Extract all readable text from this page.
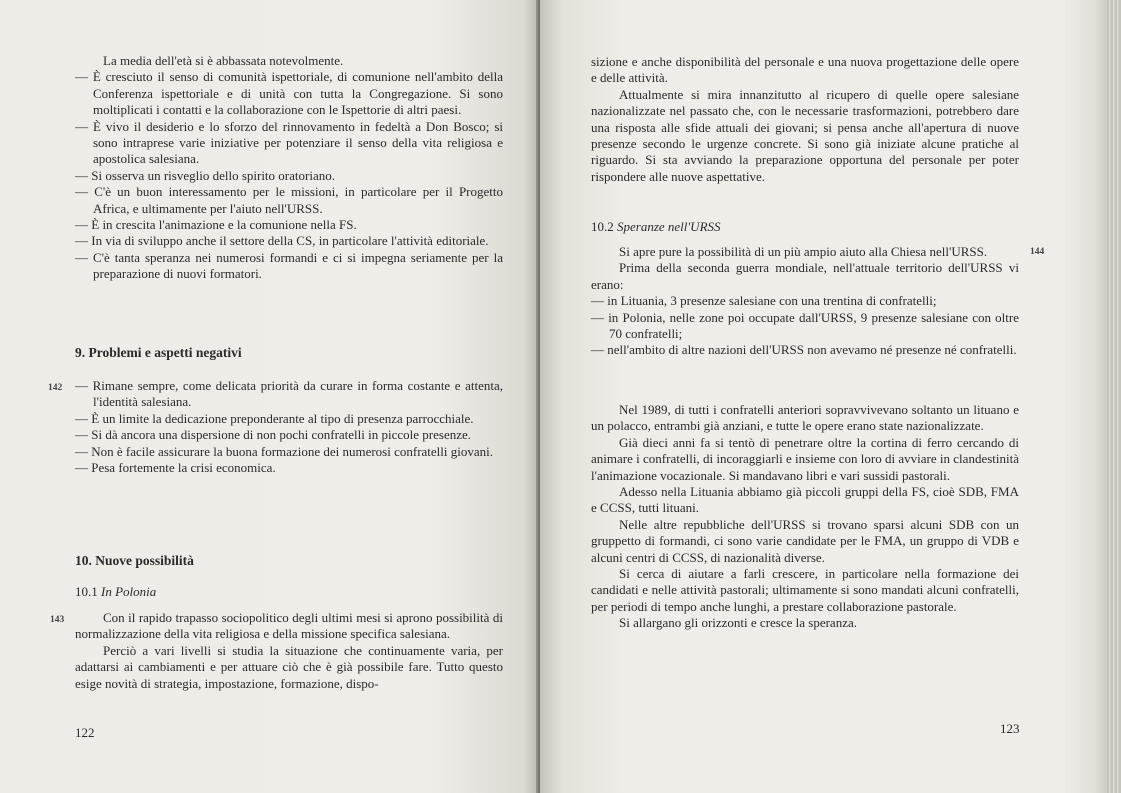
La media dell'età si è abbassata notevolmente.

— È cresciuto il senso di comunità ispettoriale, di comunione nell'ambito della Conferenza ispettoriale e di unità con tutta la Congregazione. Si sono moltiplicati i contatti e la collaborazione con le Ispettorie di altri paesi.

— È vivo il desiderio e lo sforzo del rinnovamento in fedeltà a Don Bosco; si sono intraprese varie iniziative per potenziare il senso della vita religiosa e apostolica salesiana.

— Si osserva un risveglio dello spirito oratoriano.

— C'è un buon interessamento per le missioni, in particolare per il Progetto Africa, e ultimamente per l'aiuto nell'URSS.

— È in crescita l'animazione e la comunione nella FS.

— In via di sviluppo anche il settore della CS, in particolare l'attività editoriale.

— C'è tanta speranza nei numerosi formandi e ci si impegna seriamente per la preparazione di nuovi formatori.

9. Problemi e aspetti negativi
142

—	Rimane sempre, come delicata priorità da curare in forma costante e attenta, l'identità salesiana.

— È un limite la dedicazione preponderante al tipo di presenza parrocchiale.

— Si dà ancora una dispersione di non pochi confratelli in piccole presenze.

— Non è facile assicurare la buona formazione dei numerosi confratelli giovani.

— Pesa fortemente la crisi economica.

10. Nuove possibilità
10.1 In Polonia
143	Con il rapido trapasso sociopolitico degli ultimi mesi si aprono possibilità di normalizzazione della vita religiosa e della missione specifica salesiana.

Perciò a vari livelli si studia la situazione che continuamente varia, per adattarsi ai cambiamenti e per attuare ciò che è già possibile fare. Tutto questo esige novità di strategia, impostazione, formazione, dispo-

122

sizione e anche disponibilità del personale e una nuova progettazione delle opere e delle attività.

Attualmente si mira innanzitutto al ricupero di quelle opere salesiane nazionalizzate nel passato che, con le necessarie trasformazioni, potrebbero dare una risposta alle sfide attuali dei giovani; si pensa anche all'apertura di nuove presenze secondo le urgenze concrete. Si sono già iniziate alcune pratiche al riguardo. Si sta avviando la preparazione opportuna del personale per poter rispondere alle nuove aspettative.

10.2 Speranze nell'URSS
144

Si apre pure la possibilità di un più ampio aiuto alla Chiesa nell'URSS.

Prima della seconda guerra mondiale, nell'attuale territorio dell'URSS vi erano:

— in Lituania, 3 presenze salesiane con una trentina di confratelli;

— in Polonia, nelle zone poi occupate dall'URSS, 9 presenze salesiane con oltre 70 confratelli;

— nell'ambito di altre nazioni dell'URSS non avevamo né presenze né confratelli.

Nel 1989, di tutti i confratelli anteriori sopravvivevano soltanto un lituano e un polacco, entrambi già anziani, e tutte le opere erano state nazionalizzate.

Già dieci anni fa si tentò di penetrare oltre la cortina di ferro cercando di animare i confratelli, di incoraggiarli e insieme con loro di avviare in clandestinità l'animazione vocazionale. Si mandavano libri e vari sussidi pastorali.

Adesso nella Lituania abbiamo già piccoli gruppi della FS, cioè SDB, FMA e CCSS, tutti lituani.

Nelle altre repubbliche dell'URSS si trovano sparsi alcuni SDB con un gruppetto di formandi, ci sono varie candidate per le FMA, un gruppo di VDB e alcuni centri di CCSS, di nazionalità diverse.

Si cerca di aiutare a farli crescere, in particolare nella formazione dei candidati e nelle attività pastorali; ultimamente si sono mandati alcuni confratelli, per periodi di tempo anche lunghi, a prestare collaborazione pastorale.

Si allargano gli orizzonti e cresce la speranza.

123
